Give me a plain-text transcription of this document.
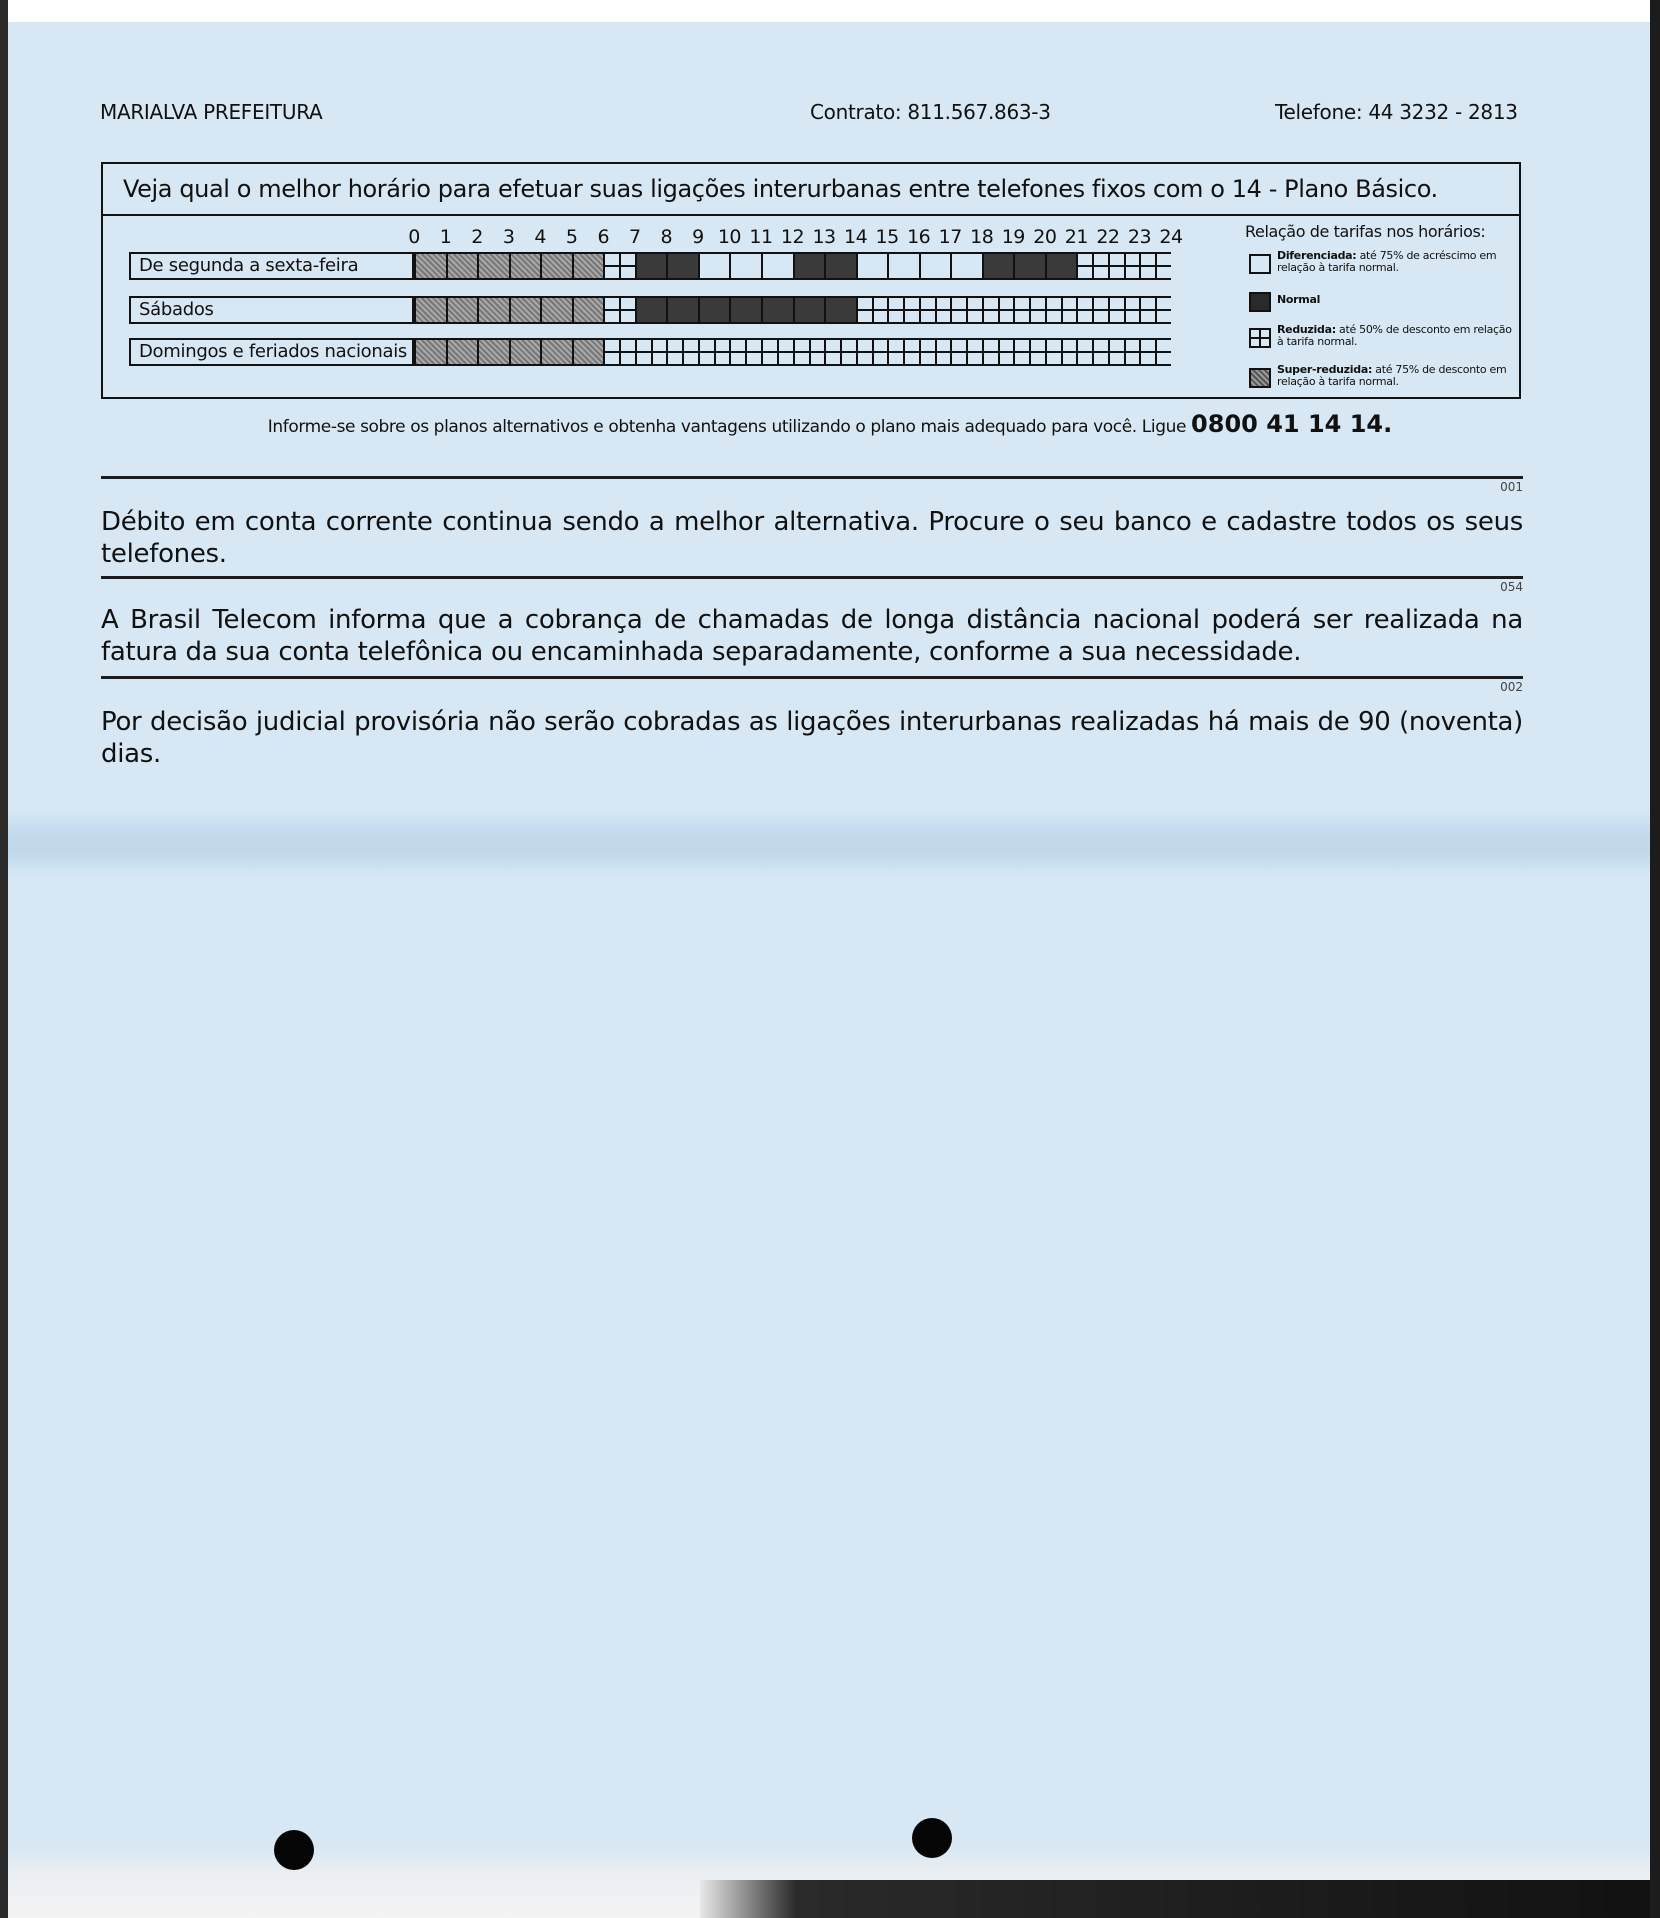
MARIALVA PREFEITURA	Contrato: 811.567.863-3	Telefone: 44 3232 - 2813
Veja qual o melhor horário para efetuar suas ligações interurbanas entre telefones fixos com o 14 - Plano Básico.
0	1	2	3	4	5	6	7	8	9 10 11 12 13 14 15 16 17 18 19 20 21 22 23 24
De segunda a sexta-feira
Sábados
Domingos e feriados nacionais
Relação de tarifas nos horários:
Diferenciada: até 75% de acréscimo em relação à tarifa normal.
Normal
Reduzida: até 50% de desconto em relação à tarifa normal.
Super-reduzida: até 75% de desconto em relação à tarifa normal.
Informe-se sobre os planos alternativos e obtenha vantagens utilizando o plano mais adequado para você. Ligue 0800 41 14 14.
001
Débito em conta corrente continua sendo a melhor alternativa. Procure o seu banco e cadastre todos os seus telefones.
054
A Brasil Telecom informa que a cobrança de chamadas de longa distância nacional poderá ser realizada na fatura da sua conta telefônica ou encaminhada separadamente, conforme a sua necessidade.
002
Por decisão judicial provisória não serão cobradas as ligações interurbanas realizadas há mais de 90 (noventa) dias.
